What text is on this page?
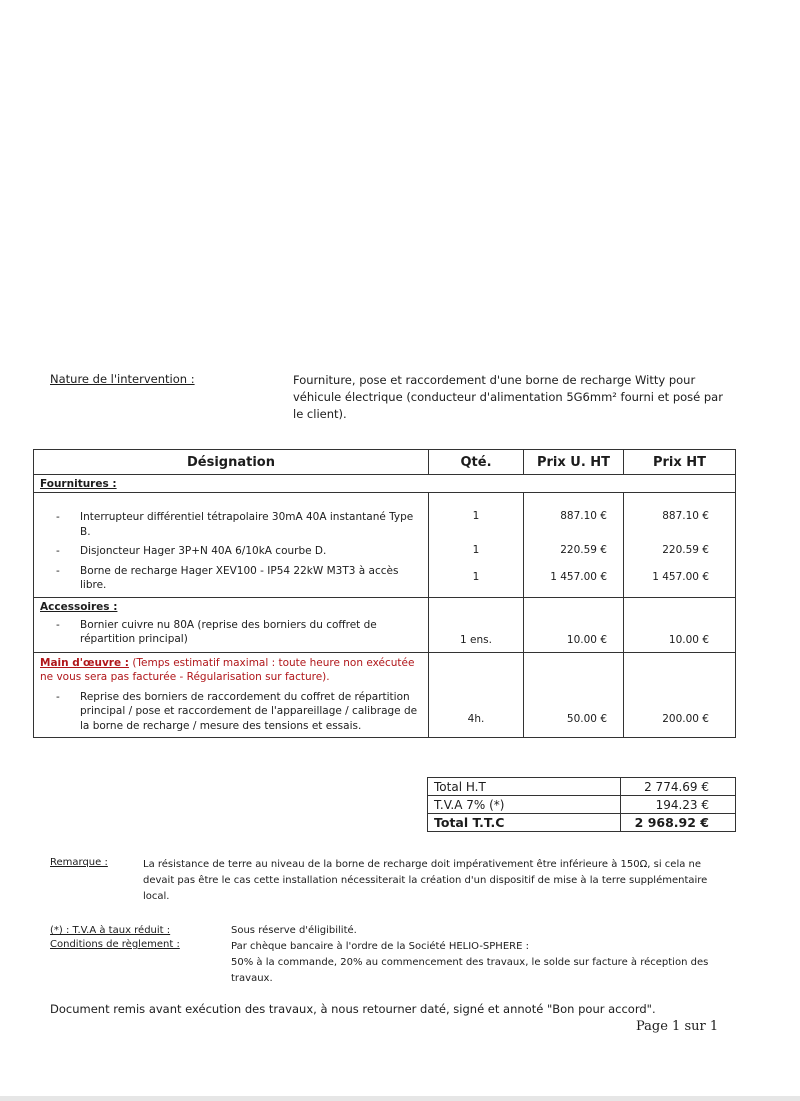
Nature de l'intervention :	Fourniture, pose et raccordement d'une borne de recharge Witty pour véhicule électrique (conducteur d'alimentation 5G6mm² fourni et posé par le client).
Désignation	Qté.	Prix U. HT	Prix HT
Fournitures :			

- Interrupteur différentiel tétrapolaire 30mA 40A instantané Type B.	1	887.10 €	887.10 €

- Disjoncteur Hager 3P+N 40A 6/10kA courbe D.	1	220.59 €	220.59 €

- Borne de recharge Hager XEV100 - IP54 22kW M3T3 à accès libre.	1	1 457.00 €	1 457.00 €
Accessoires :			

- Bornier cuivre nu 80A (reprise des borniers du coffret de répartition principal)	1 ens.	10.00 €	10.00 €
Main d'œuvre : (Temps estimatif maximal : toute heure non exécutée ne vous sera pas facturée - Régularisation sur facture).			

- Reprise des borniers de raccordement du coffret de répartition principal / pose et raccordement de l'appareillage / calibrage de la borne de recharge / mesure des tensions et essais.	4h.	50.00 €	200.00 €
Total H.T	2 774.69 €
T.V.A 7% (*)	194.23 €
Total T.T.C	2 968.92 €
Remarque :	La résistance de terre au niveau de la borne de recharge doit impérativement être inférieure à 150Ω, si cela ne devait pas être le cas cette installation nécessiterait la création d'un dispositif de mise à la terre supplémentaire local.
(*) : T.V.A à taux réduit :	Sous réserve d'éligibilité.
Conditions de règlement :	Par chèque bancaire à l'ordre de la Société HELIO-SPHERE :
50% à la commande, 20% au commencement des travaux, le solde sur facture à réception des travaux.
Document remis avant exécution des travaux, à nous retourner daté, signé et annoté "Bon pour accord".
Page 1 sur 1
